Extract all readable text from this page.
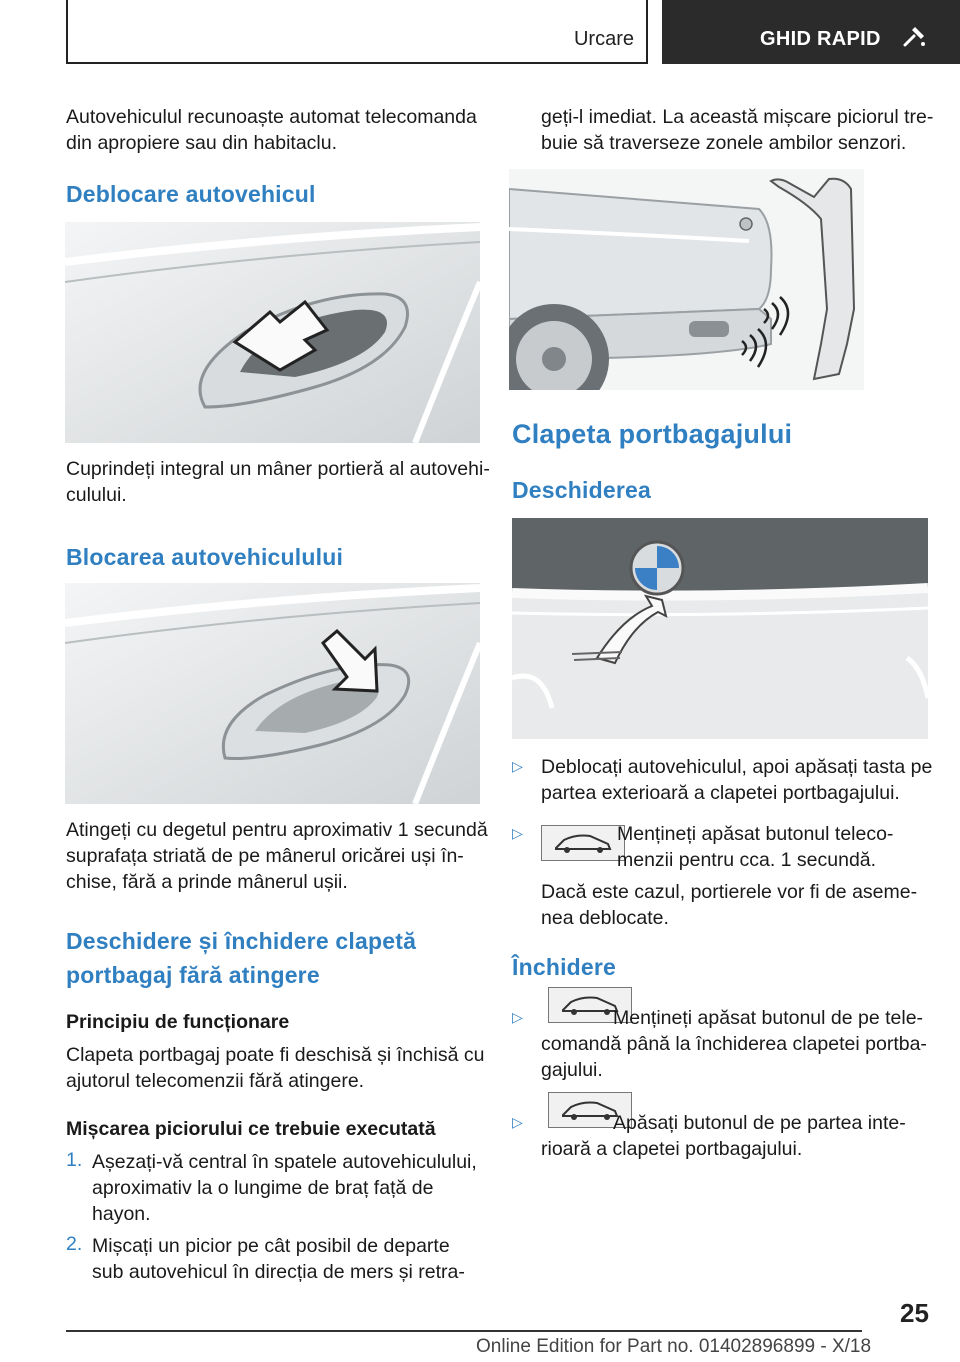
Urcare	GHID RAPID
Autovehiculul recunoaște automat telecomanda
din apropiere sau din habitaclu.
Deblocare autovehicul
Cuprindeți integral un mâner portieră al autovehi‐
culului.
Blocarea autovehiculului
Atingeți cu degetul pentru aproximativ 1 secundă
suprafața striată de pe mânerul oricărei uși în‐
chise, fără a prinde mânerul ușii.
Deschidere și închidere clapetă
portbagaj fără atingere
Principiu de funcționare
Clapeta portbagaj poate fi deschisă și închisă cu
ajutorul telecomenzii fără atingere.
Mișcarea piciorului ce trebuie executată
1. Așezați-vă central în spatele autovehiculului,
aproximativ la o lungime de braț față de
hayon.
2. Mișcați un picior pe cât posibil de departe
sub autovehicul în direcția de mers și retra‐
geți-l imediat. La această mișcare piciorul tre‐
buie să traverseze zonele ambilor senzori.
Clapeta portbagajului
Deschiderea
▷ Deblocați autovehiculul, apoi apăsați tasta pe
partea exterioară a clapetei portbagajului.
▷	Mențineți apăsat butonul teleco‐
menzii pentru cca. 1 secundă.
Dacă este cazul, portierele vor fi de aseme‐
nea deblocate.
Închidere
▷	Mențineți apăsat butonul de pe tele‐
comandă până la închiderea clapetei portba‐
gajului.
▷	Apăsați butonul de pe partea inte‐
rioară a clapetei portbagajului.
25
Online Edition for Part no. 01402896899 - X/18
